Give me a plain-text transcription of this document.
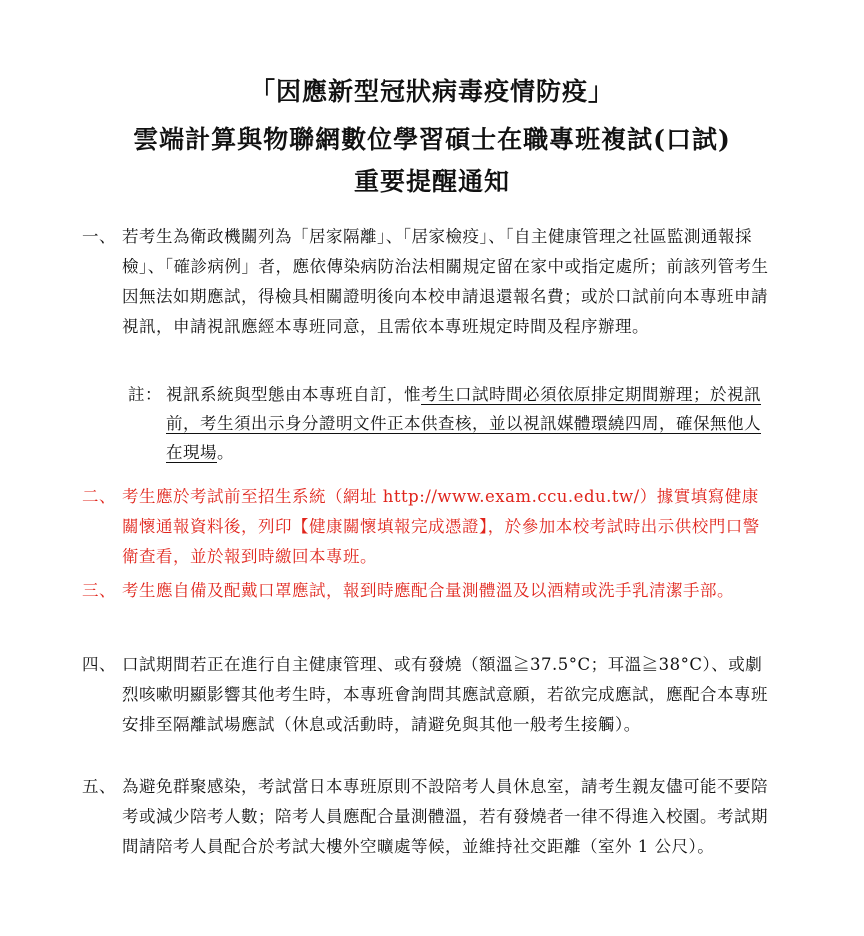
「因應新型冠狀病毒疫情防疫」
雲端計算與物聯網數位學習碩士在職專班複試(口試)
重要提醒通知
一、 若考生為衛政機關列為「居家隔離」、「居家檢疫」、「自主健康管理之社區監測通報採檢」、「確診病例」者，應依傳染病防治法相關規定留在家中或指定處所；前該列管考生因無法如期應試，得檢具相關證明後向本校申請退還報名費；或於口試前向本專班申請視訊，申請視訊應經本專班同意，且需依本專班規定時間及程序辦理。
註： 視訊系統與型態由本專班自訂，惟考生口試時間必須依原排定期間辦理；於視訊前，考生須出示身分證明文件正本供查核，並以視訊媒體環繞四周，確保無他人在現場。
二、 考生應於考試前至招生系統（網址 http://www.exam.ccu.edu.tw/）據實填寫健康關懷通報資料後，列印【健康關懷填報完成憑證】，於參加本校考試時出示供校門口警衛查看，並於報到時繳回本專班。
三、 考生應自備及配戴口罩應試，報到時應配合量測體溫及以酒精或洗手乳清潔手部。
四、 口試期間若正在進行自主健康管理、或有發燒（額溫≧37.5°C；耳溫≧38°C）、或劇烈咳嗽明顯影響其他考生時，本專班會詢問其應試意願，若欲完成應試，應配合本專班安排至隔離試場應試（休息或活動時，請避免與其他一般考生接觸）。
五、 為避免群聚感染，考試當日本專班原則不設陪考人員休息室，請考生親友儘可能不要陪考或減少陪考人數；陪考人員應配合量測體溫，若有發燒者一律不得進入校園。考試期間請陪考人員配合於考試大樓外空曠處等候，並維持社交距離（室外 1 公尺）。
